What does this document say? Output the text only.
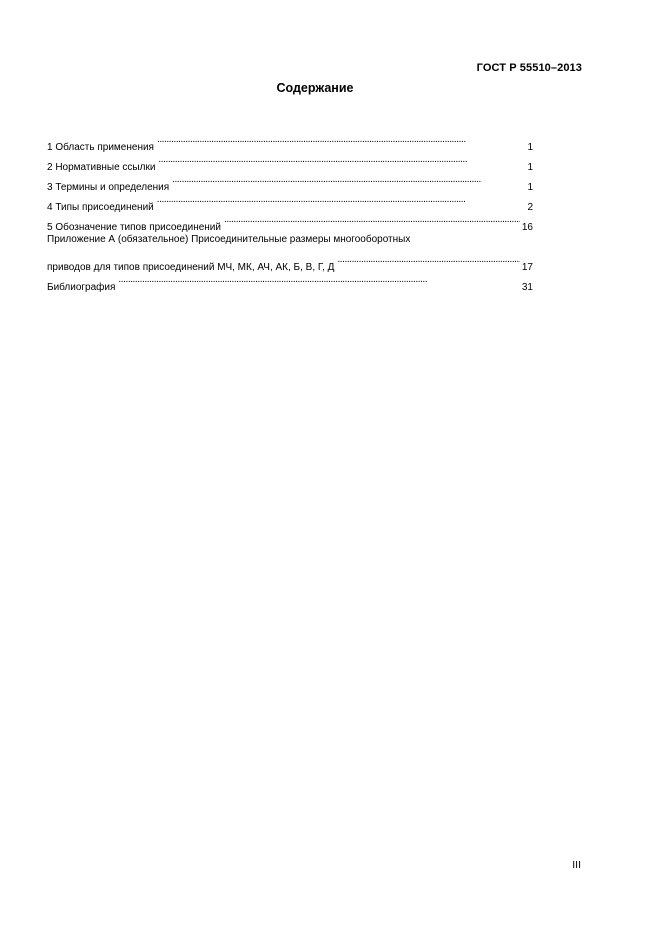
ГОСТ Р 55510–2013
Содержание
1 Область применения . . .	1
2 Нормативные ссылки . . .	1
3 Термины и определения . . .	1
4 Типы присоединений . . .	2
5 Обозначение типов присоединений . . .	16
Приложение А (обязательное) Присоединительные размеры многооборотных
приводов для типов присоединений МЧ, МК, АЧ, АК, Б, В, Г, Д . . .	17
Библиография . . .	31
III
